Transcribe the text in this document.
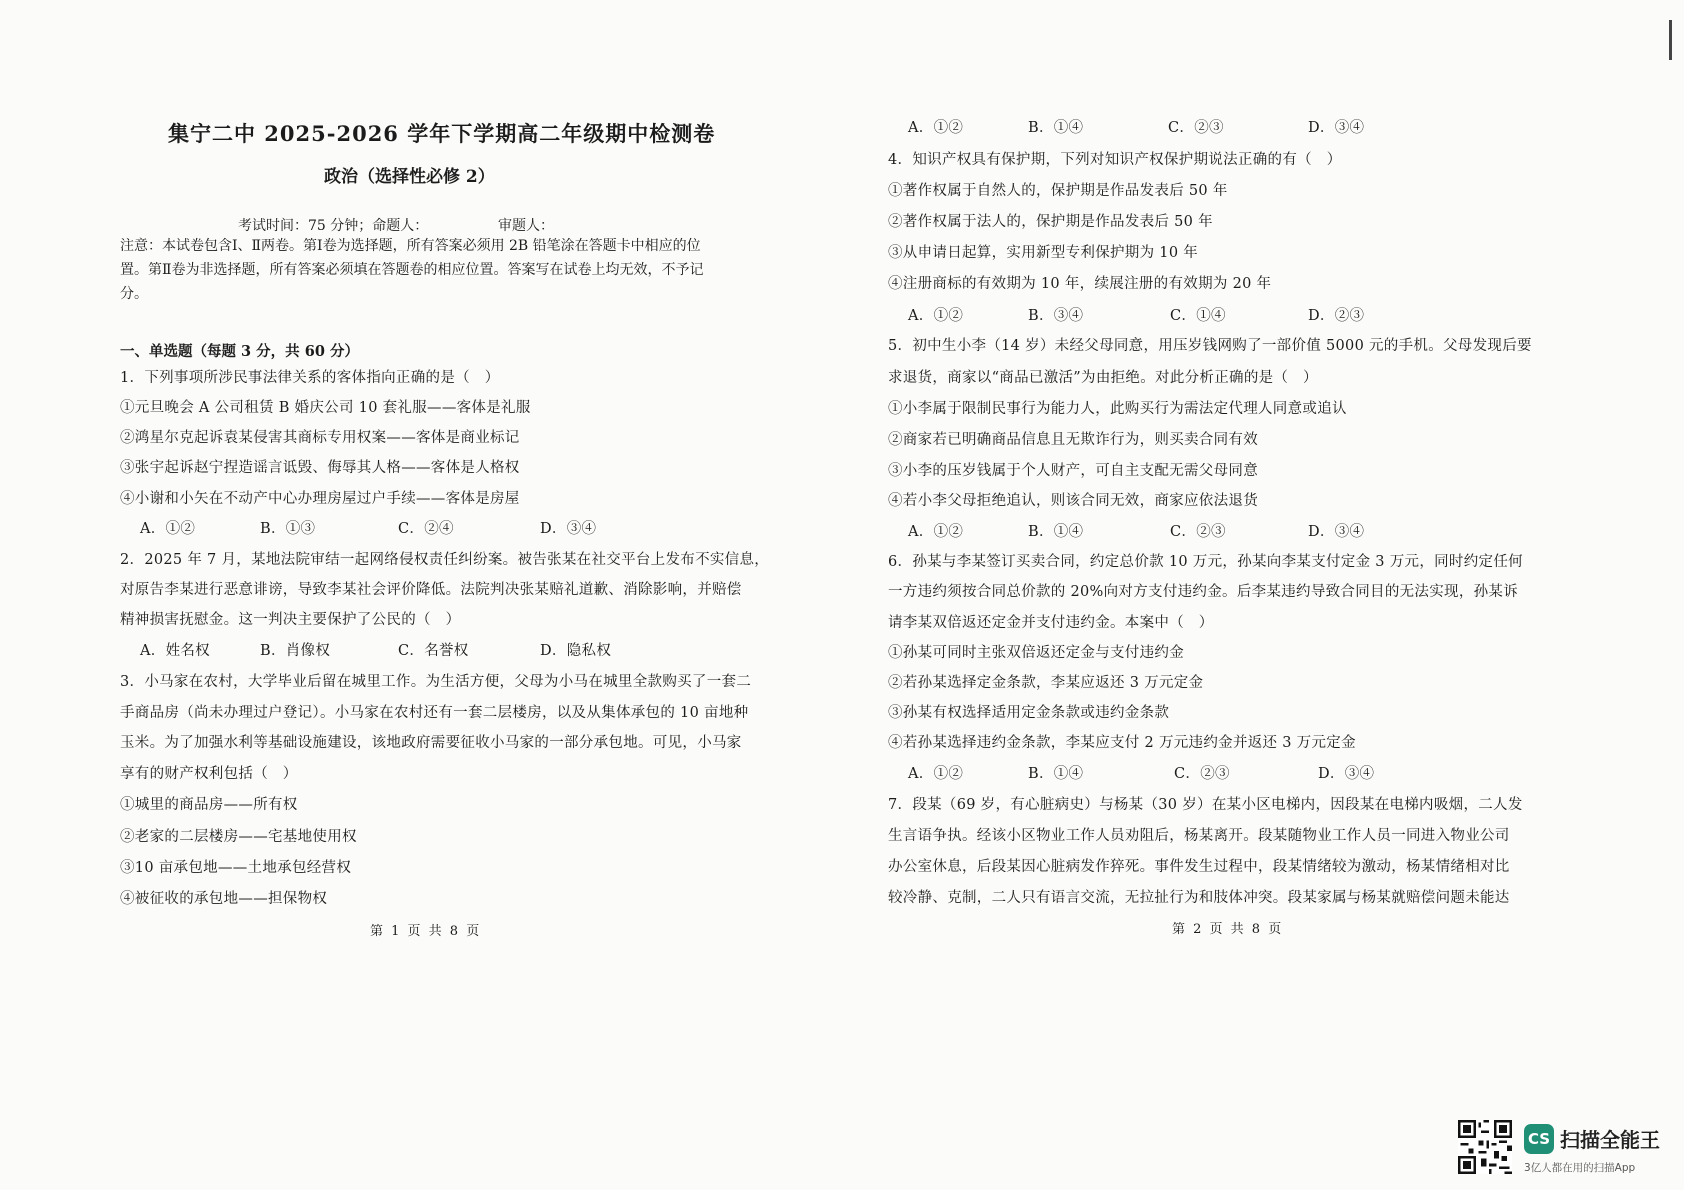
集宁二中 2025-2026 学年下学期高二年级期中检测卷
政治（选择性必修 2）
考试时间：75 分钟；命题人：	审题人：
注意：本试卷包含Ⅰ、Ⅱ两卷。第Ⅰ卷为选择题，所有答案必须用 2B 铅笔涂在答题卡中相应的位置。第Ⅱ卷为非选择题，所有答案必须填在答题卷的相应位置。答案写在试卷上均无效，不予记分。
一、单选题（每题 3 分，共 60 分）
1．下列事项所涉民事法律关系的客体指向正确的是（　）
①元旦晚会 A 公司租赁 B 婚庆公司 10 套礼服——客体是礼服
②鸿星尔克起诉袁某侵害其商标专用权案——客体是商业标记
③张宇起诉赵宁捏造谣言诋毁、侮辱其人格——客体是人格权
④小谢和小矢在不动产中心办理房屋过户手续——客体是房屋
A．①②	B．①③	C．②④	D．③④
2．2025 年 7 月，某地法院审结一起网络侵权责任纠纷案。被告张某在社交平台上发布不实信息，
对原告李某进行恶意诽谤，导致李某社会评价降低。法院判决张某赔礼道歉、消除影响，并赔偿
精神损害抚慰金。这一判决主要保护了公民的（　）
A．姓名权	B．肖像权	C．名誉权	D．隐私权
3．小马家在农村，大学毕业后留在城里工作。为生活方便，父母为小马在城里全款购买了一套二
手商品房（尚未办理过户登记）。小马家在农村还有一套二层楼房，以及从集体承包的 10 亩地种
玉米。为了加强水利等基础设施建设，该地政府需要征收小马家的一部分承包地。可见，小马家
享有的财产权利包括（　）
①城里的商品房——所有权
②老家的二层楼房——宅基地使用权
③10 亩承包地——土地承包经营权
④被征收的承包地——担保物权
第 1 页 共 8 页
A．①②	B．①④	C．②③	D．③④
4．知识产权具有保护期，下列对知识产权保护期说法正确的有（　）
①著作权属于自然人的，保护期是作品发表后 50 年
②著作权属于法人的，保护期是作品发表后 50 年
③从申请日起算，实用新型专利保护期为 10 年
④注册商标的有效期为 10 年，续展注册的有效期为 20 年
A．①②	B．③④	C．①④	D．②③
5．初中生小李（14 岁）未经父母同意，用压岁钱网购了一部价值 5000 元的手机。父母发现后要
求退货，商家以“商品已激活”为由拒绝。对此分析正确的是（　）
①小李属于限制民事行为能力人，此购买行为需法定代理人同意或追认
②商家若已明确商品信息且无欺诈行为，则买卖合同有效
③小李的压岁钱属于个人财产，可自主支配无需父母同意
④若小李父母拒绝追认，则该合同无效，商家应依法退货
A．①②	B．①④	C．②③	D．③④
6．孙某与李某签订买卖合同，约定总价款 10 万元，孙某向李某支付定金 3 万元，同时约定任何
一方违约须按合同总价款的 20%向对方支付违约金。后李某违约导致合同目的无法实现，孙某诉
请李某双倍返还定金并支付违约金。本案中（　）
①孙某可同时主张双倍返还定金与支付违约金
②若孙某选择定金条款，李某应返还 3 万元定金
③孙某有权选择适用定金条款或违约金条款
④若孙某选择违约金条款，李某应支付 2 万元违约金并返还 3 万元定金
A．①②	B．①④	C．②③	D．③④
7．段某（69 岁，有心脏病史）与杨某（30 岁）在某小区电梯内，因段某在电梯内吸烟，二人发
生言语争执。经该小区物业工作人员劝阻后，杨某离开。段某随物业工作人员一同进入物业公司
办公室休息，后段某因心脏病发作猝死。事件发生过程中，段某情绪较为激动，杨某情绪相对比
较冷静、克制，二人只有语言交流，无拉扯行为和肢体冲突。段某家属与杨某就赔偿问题未能达
第 2 页 共 8 页
CS 扫描全能王
3亿人都在用的扫描App
